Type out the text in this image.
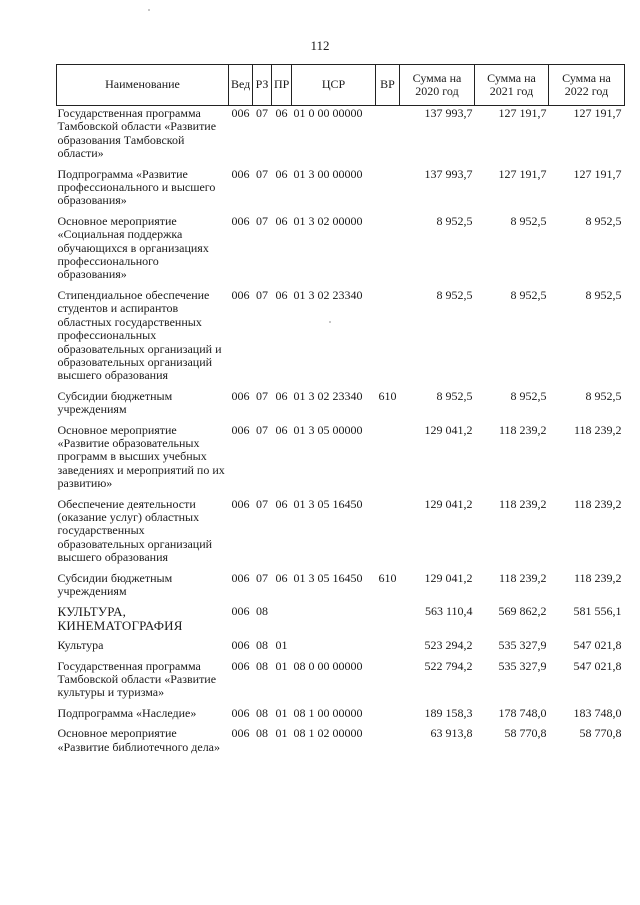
112
Наименование	Вед	РЗ	ПР	ЦСР	ВР	Сумма на 2020 год	Сумма на 2021 год	Сумма на 2022 год
Государственная программа Тамбовской области «Развитие образования Тамбовской области»	006	07	06	01 0 00 00000		137 993,7	127 191,7	127 191,7
Подпрограмма «Развитие профессионального и высшего образования»	006	07	06	01 3 00 00000		137 993,7	127 191,7	127 191,7
Основное мероприятие «Социальная поддержка обучающихся в организациях профессионального образования»	006	07	06	01 3 02 00000		8 952,5	8 952,5	8 952,5
Стипендиальное обеспечение студентов и аспирантов областных государственных профессиональных образовательных организаций и образовательных организаций высшего образования	006	07	06	01 3 02 23340		8 952,5	8 952,5	8 952,5
Субсидии бюджетным учреждениям	006	07	06	01 3 02 23340	610	8 952,5	8 952,5	8 952,5
Основное мероприятие «Развитие образовательных программ в высших учебных заведениях и мероприятий по их развитию»	006	07	06	01 3 05 00000		129 041,2	118 239,2	118 239,2
Обеспечение деятельности (оказание услуг) областных государственных образовательных организаций высшего образования	006	07	06	01 3 05 16450		129 041,2	118 239,2	118 239,2
Субсидии бюджетным учреждениям	006	07	06	01 3 05 16450	610	129 041,2	118 239,2	118 239,2
КУЛЬТУРА, КИНЕМАТОГРАФИЯ	006	08				563 110,4	569 862,2	581 556,1
Культура	006	08	01			523 294,2	535 327,9	547 021,8
Государственная программа Тамбовской области «Развитие культуры и туризма»	006	08	01	08 0 00 00000		522 794,2	535 327,9	547 021,8
Подпрограмма «Наследие»	006	08	01	08 1 00 00000		189 158,3	178 748,0	183 748,0
Основное мероприятие «Развитие библиотечного дела»	006	08	01	08 1 02 00000		63 913,8	58 770,8	58 770,8
